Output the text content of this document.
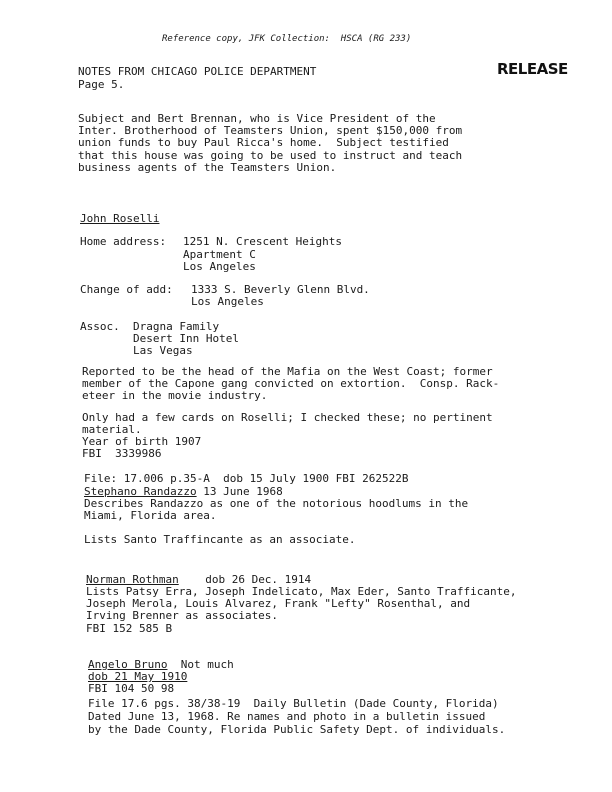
Reference copy, JFK Collection:  HSCA (RG 233)
RELEASE
NOTES FROM CHICAGO POLICE DEPARTMENT
Page 5.
Subject and Bert Brennan, who is Vice President of the
Inter. Brotherhood of Teamsters Union, spent $150,000 from
union funds to buy Paul Ricca's home.  Subject testified
that this house was going to be used to instruct and teach
business agents of the Teamsters Union.
John Roselli
Home address: 1251 N. Crescent Heights
Apartment C
Los Angeles
Change of add: 1333 S. Beverly Glenn Blvd.
Los Angeles
Assoc. Dragna Family
Desert Inn Hotel
Las Vegas
Reported to be the head of the Mafia on the West Coast; former
member of the Capone gang convicted on extortion.  Consp. Rack-
eteer in the movie industry.
Only had a few cards on Roselli; I checked these; no pertinent
material.
Year of birth 1907
FBI  3339986
File: 17.006 p.35-A  dob 15 July 1900 FBI 262522B
Stephano Randazzo 13 June 1968
Describes Randazzo as one of the notorious hoodlums in the
Miami, Florida area.
Lists Santo Traffincante as an associate.
Norman Rothman    dob 26 Dec. 1914
Lists Patsy Erra, Joseph Indelicato, Max Eder, Santo Trafficante,
Joseph Merola, Louis Alvarez, Frank "Lefty" Rosenthal, and
Irving Brenner as associates.
FBI 152 585 B
Angelo Bruno  Not much
dob 21 May 1910
FBI 104 50 98
File 17.6 pgs. 38/38-19  Daily Bulletin (Dade County, Florida)
Dated June 13, 1968. Re names and photo in a bulletin issued
by the Dade County, Florida Public Safety Dept. of individuals.
